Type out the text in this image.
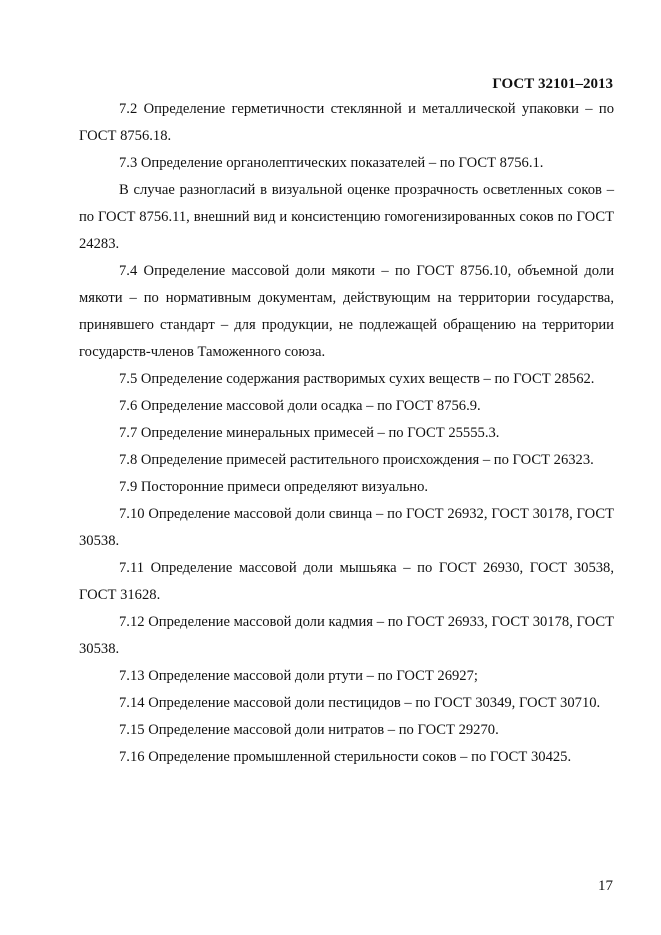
ГОСТ 32101–2013

7.2 Определение герметичности стеклянной и металлической упаковки – по ГОСТ 8756.18.

7.3 Определение органолептических показателей – по ГОСТ 8756.1.

В случае разногласий в визуальной оценке прозрачность осветленных соков – по ГОСТ 8756.11, внешний вид и консистенцию гомогенизированных соков по ГОСТ 24283.

7.4 Определение массовой доли мякоти – по ГОСТ 8756.10, объемной доли мякоти – по нормативным документам, действующим на территории государства, принявшего стандарт – для продукции, не подлежащей обращению на территории государств-членов Таможенного союза.

7.5 Определение содержания растворимых сухих веществ – по ГОСТ 28562.

7.6 Определение массовой доли осадка – по ГОСТ 8756.9.

7.7 Определение минеральных примесей – по ГОСТ 25555.3.

7.8 Определение примесей растительного происхождения – по ГОСТ 26323.

7.9 Посторонние примеси определяют визуально.

7.10 Определение массовой доли свинца – по ГОСТ 26932, ГОСТ 30178, ГОСТ 30538.

7.11 Определение массовой доли мышьяка – по ГОСТ 26930, ГОСТ 30538, ГОСТ 31628.

7.12 Определение массовой доли кадмия – по ГОСТ 26933, ГОСТ 30178, ГОСТ 30538.

7.13 Определение массовой доли ртути – по ГОСТ 26927;

7.14 Определение массовой доли пестицидов – по ГОСТ 30349, ГОСТ 30710.

7.15 Определение массовой доли нитратов – по ГОСТ 29270.

7.16 Определение промышленной стерильности соков – по ГОСТ 30425.

17
